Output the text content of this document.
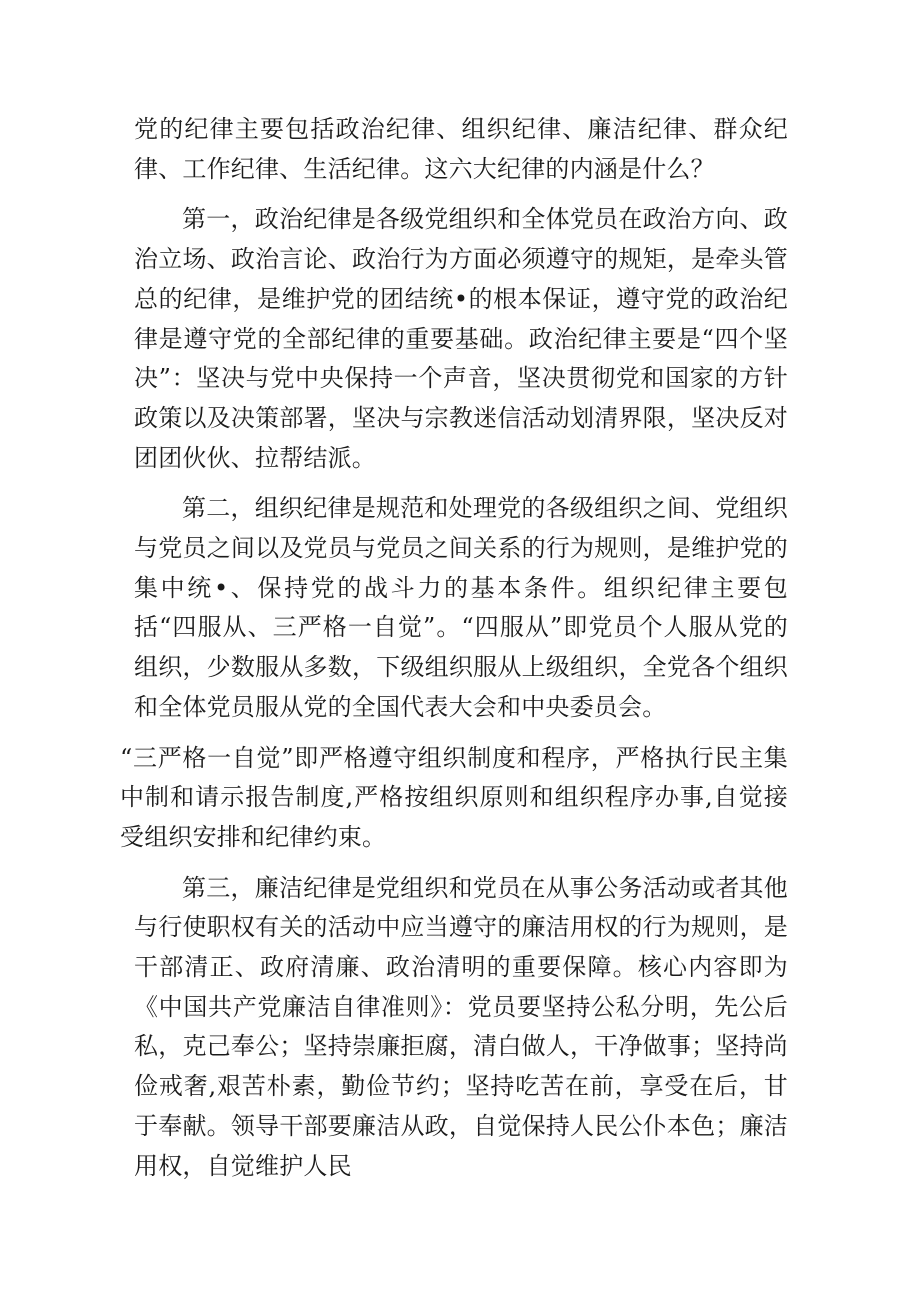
党的纪律主要包括政治纪律、组织纪律、廉洁纪律、群众纪律、工作纪律、生活纪律。这六大纪律的内涵是什么？

第一，政治纪律是各级党组织和全体党员在政治方向、政治立场、政治言论、政治行为方面必须遵守的规矩，是牵头管总的纪律，是维护党的团结统•的根本保证，遵守党的政治纪律是遵守党的全部纪律的重要基础。政治纪律主要是“四个坚决”：坚决与党中央保持一个声音，坚决贯彻党和国家的方针政策以及决策部署，坚决与宗教迷信活动划清界限，坚决反对团团伙伙、拉帮结派。

第二，组织纪律是规范和处理党的各级组织之间、党组织与党员之间以及党员与党员之间关系的行为规则，是维护党的集中统•、保持党的战斗力的基本条件。组织纪律主要包括“四服从、三严格一自觉”。“四服从”即党员个人服从党的组织，少数服从多数，下级组织服从上级组织，全党各个组织和全体党员服从党的全国代表大会和中央委员会。

“三严格一自觉”即严格遵守组织制度和程序，严格执行民主集中制和请示报告制度,严格按组织原则和组织程序办事,自觉接受组织安排和纪律约束。

第三，廉洁纪律是党组织和党员在从事公务活动或者其他与行使职权有关的活动中应当遵守的廉洁用权的行为规则，是干部清正、政府清廉、政治清明的重要保障。核心内容即为《中国共产党廉洁自律准则》：党员要坚持公私分明，先公后私，克己奉公；坚持崇廉拒腐，清白做人，干净做事；坚持尚俭戒奢,艰苦朴素，勤俭节约；坚持吃苦在前，享受在后，甘于奉献。领导干部要廉洁从政，自觉保持人民公仆本色；廉洁用权，自觉维护人民
